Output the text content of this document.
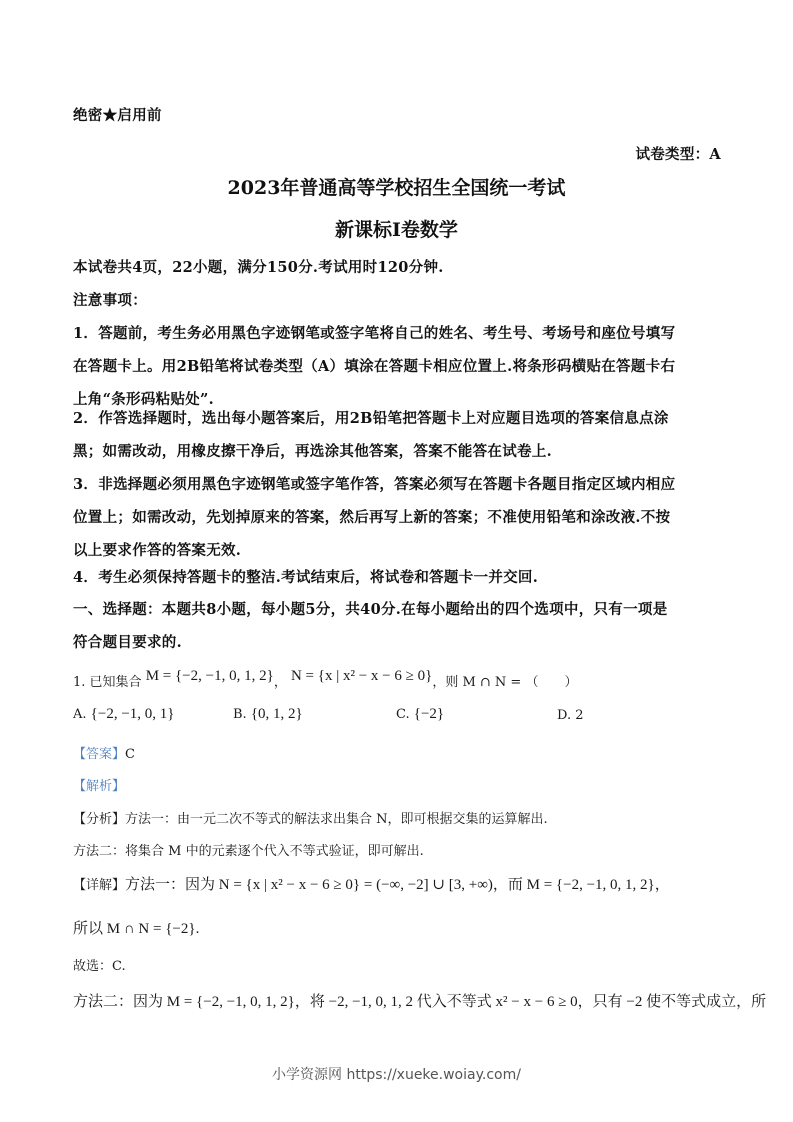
绝密★启用前
试卷类型：A
2023年普通高等学校招生全国统一考试
新课标Ⅰ卷数学
本试卷共4页，22小题，满分150分.考试用时120分钟.
注意事项：
1．答题前，考生务必用黑色字迹钢笔或签字笔将自己的姓名、考生号、考场号和座位号填写
在答题卡上。用2B铅笔将试卷类型（A）填涂在答题卡相应位置上.将条形码横贴在答题卡右
上角“条形码粘贴处”.
2．作答选择题时，选出每小题答案后，用2B铅笔把答题卡上对应题目选项的答案信息点涂
黑；如需改动，用橡皮擦干净后，再选涂其他答案，答案不能答在试卷上.
3．非选择题必须用黑色字迹钢笔或签字笔作答，答案必须写在答题卡各题目指定区域内相应
位置上；如需改动，先划掉原来的答案，然后再写上新的答案；不准使用铅笔和涂改液.不按
以上要求作答的答案无效.
4．考生必须保持答题卡的整洁.考试结束后，将试卷和答题卡一并交回.
一、选择题：本题共8小题，每小题5分，共40分.在每小题给出的四个选项中，只有一项是
符合题目要求的.
1. 已知集合 M = {−2, −1, 0, 1, 2}， N = {x | x² − x − 6 ≥ 0}，则 M ∩ N = （　　）
A. {−2, −1, 0, 1}	B. {0, 1, 2}	C. {−2}	D. 2
【答案】C
【解析】
【分析】方法一：由一元二次不等式的解法求出集合 N，即可根据交集的运算解出.
方法二：将集合 M 中的元素逐个代入不等式验证，即可解出.
【详解】方法一：因为 N = {x | x² − x − 6 ≥ 0} = (−∞, −2] ∪ [3, +∞)，而 M = {−2, −1, 0, 1, 2}，
所以 M ∩ N = {−2}.
故选：C.
方法二：因为 M = {−2, −1, 0, 1, 2}，将 −2, −1, 0, 1, 2 代入不等式 x² − x − 6 ≥ 0，只有 −2 使不等式成立，所
小学资源网 https://xueke.woiay.com/
